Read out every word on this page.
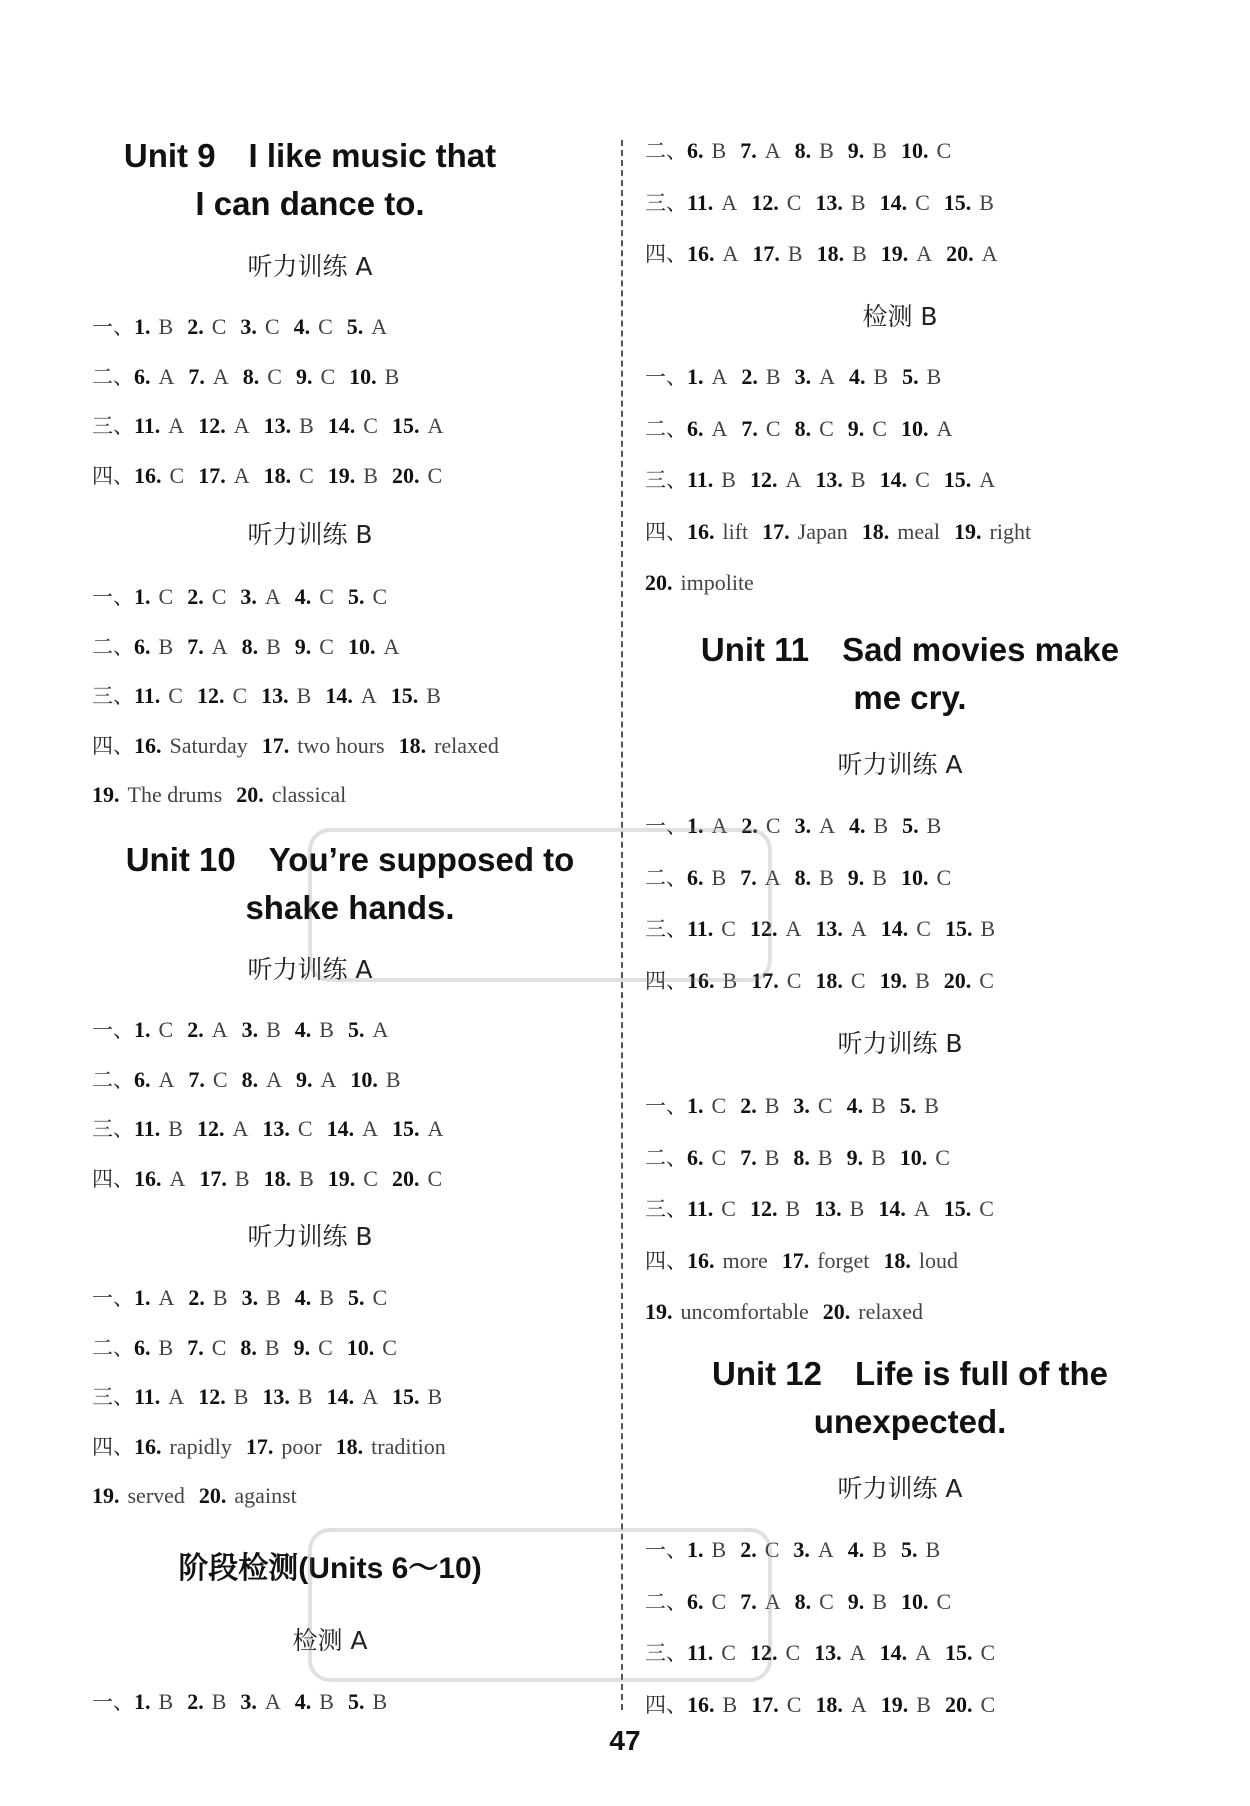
Unit 9　I like music that
I can dance to.
听力训练 A
一、1. B 2. C 3. C 4. C 5. A
二、6. A 7. A 8. C 9. C 10. B
三、11. A 12. A 13. B 14. C 15. A
四、16. C 17. A 18. C 19. B 20. C
听力训练 B
一、1. C 2. C 3. A 4. C 5. C
二、6. B 7. A 8. B 9. C 10. A
三、11. C 12. C 13. B 14. A 15. B
四、16. Saturday 17. two hours 18. relaxed
19. The drums 20. classical
Unit 10　You’re supposed to
shake hands.
听力训练 A
一、1. C 2. A 3. B 4. B 5. A
二、6. A 7. C 8. A 9. A 10. B
三、11. B 12. A 13. C 14. A 15. A
四、16. A 17. B 18. B 19. C 20. C
听力训练 B
一、1. A 2. B 3. B 4. B 5. C
二、6. B 7. C 8. B 9. C 10. C
三、11. A 12. B 13. B 14. A 15. B
四、16. rapidly 17. poor 18. tradition
19. served 20. against
阶段检测(Units 6～10)
检测 A
一、1. B 2. B 3. A 4. B 5. B
二、6. B 7. A 8. B 9. B 10. C
三、11. A 12. C 13. B 14. C 15. B
四、16. A 17. B 18. B 19. A 20. A
检测 B
一、1. A 2. B 3. A 4. B 5. B
二、6. A 7. C 8. C 9. C 10. A
三、11. B 12. A 13. B 14. C 15. A
四、16. lift 17. Japan 18. meal 19. right
20. impolite
Unit 11　Sad movies make
me cry.
听力训练 A
一、1. A 2. C 3. A 4. B 5. B
二、6. B 7. A 8. B 9. B 10. C
三、11. C 12. A 13. A 14. C 15. B
四、16. B 17. C 18. C 19. B 20. C
听力训练 B
一、1. C 2. B 3. C 4. B 5. B
二、6. C 7. B 8. B 9. B 10. C
三、11. C 12. B 13. B 14. A 15. C
四、16. more 17. forget 18. loud
19. uncomfortable 20. relaxed
Unit 12　Life is full of the
unexpected.
听力训练 A
一、1. B 2. C 3. A 4. B 5. B
二、6. C 7. A 8. C 9. B 10. C
三、11. C 12. C 13. A 14. A 15. C
四、16. B 17. C 18. A 19. B 20. C
47
